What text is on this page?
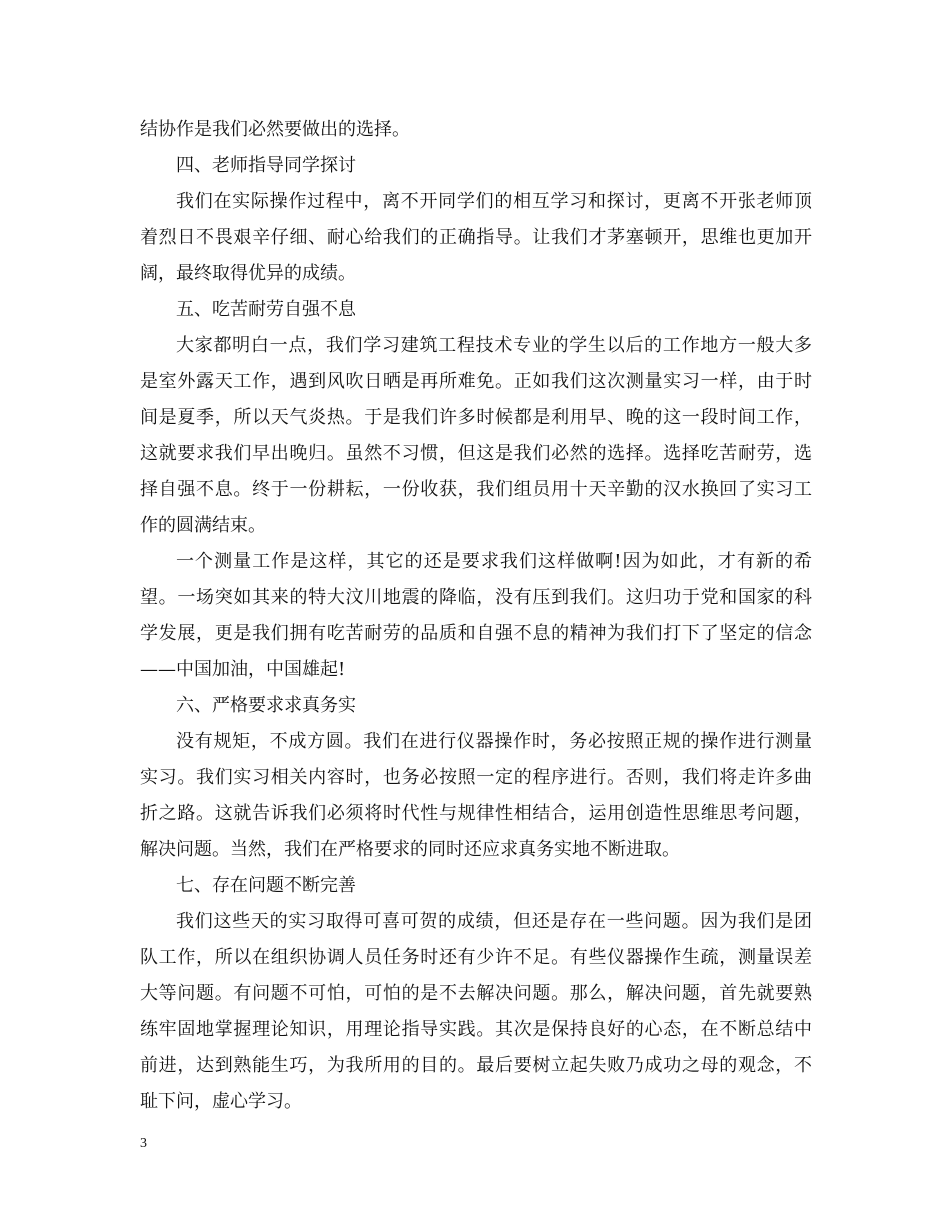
结协作是我们必然要做出的选择。
四、老师指导同学探讨
我们在实际操作过程中，离不开同学们的相互学习和探讨，更离不开张老师顶
着烈日不畏艰辛仔细、耐心给我们的正确指导。让我们才茅塞顿开，思维也更加开
阔，最终取得优异的成绩。
五、吃苦耐劳自强不息
大家都明白一点，我们学习建筑工程技术专业的学生以后的工作地方一般大多
是室外露天工作，遇到风吹日晒是再所难免。正如我们这次测量实习一样，由于时
间是夏季，所以天气炎热。于是我们许多时候都是利用早、晚的这一段时间工作，
这就要求我们早出晚归。虽然不习惯，但这是我们必然的选择。选择吃苦耐劳，选
择自强不息。终于一份耕耘，一份收获，我们组员用十天辛勤的汉水换回了实习工
作的圆满结束。
一个测量工作是这样，其它的还是要求我们这样做啊!因为如此，才有新的希
望。一场突如其来的特大汶川地震的降临，没有压到我们。这归功于党和国家的科
学发展，更是我们拥有吃苦耐劳的品质和自强不息的精神为我们打下了坚定的信念
——中国加油，中国雄起!
六、严格要求求真务实
没有规矩，不成方圆。我们在进行仪器操作时，务必按照正规的操作进行测量
实习。我们实习相关内容时，也务必按照一定的程序进行。否则，我们将走许多曲
折之路。这就告诉我们必须将时代性与规律性相结合，运用创造性思维思考问题，
解决问题。当然，我们在严格要求的同时还应求真务实地不断进取。
七、存在问题不断完善
我们这些天的实习取得可喜可贺的成绩，但还是存在一些问题。因为我们是团
队工作，所以在组织协调人员任务时还有少许不足。有些仪器操作生疏，测量误差
大等问题。有问题不可怕，可怕的是不去解决问题。那么，解决问题，首先就要熟
练牢固地掌握理论知识，用理论指导实践。其次是保持良好的心态，在不断总结中
前进，达到熟能生巧，为我所用的目的。最后要树立起失败乃成功之母的观念，不
耻下问，虚心学习。
3
